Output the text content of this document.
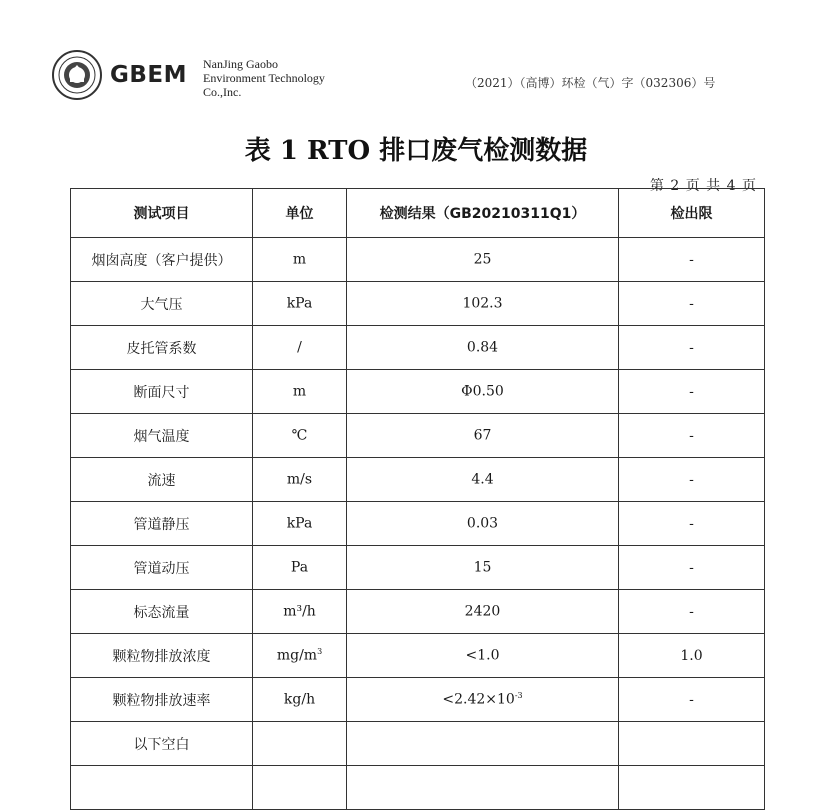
GBEM NanJing Gaobo
Environment Technology
Co.,Inc.
（2021）（高博）环检（气）字（032306）号
表 1 RTO 排口废气检测数据
第 2 页 共 4 页
测试项目	单位	检测结果（GB20210311Q1）	检出限
烟囱高度（客户提供）	m	25	-
大气压	kPa	102.3	-
皮托管系数	/	0.84	-
断面尺寸	m	Φ0.50	-
烟气温度	℃	67	-
流速	m/s	4.4	-
管道静压	kPa	0.03	-
管道动压	Pa	15	-
标态流量	m³/h	2420	-
颗粒物排放浓度	$mg/m^3$	<1.0	1.0
颗粒物排放速率	kg/h	$<2.42\times 10^{-3}$	-
以下空白			
